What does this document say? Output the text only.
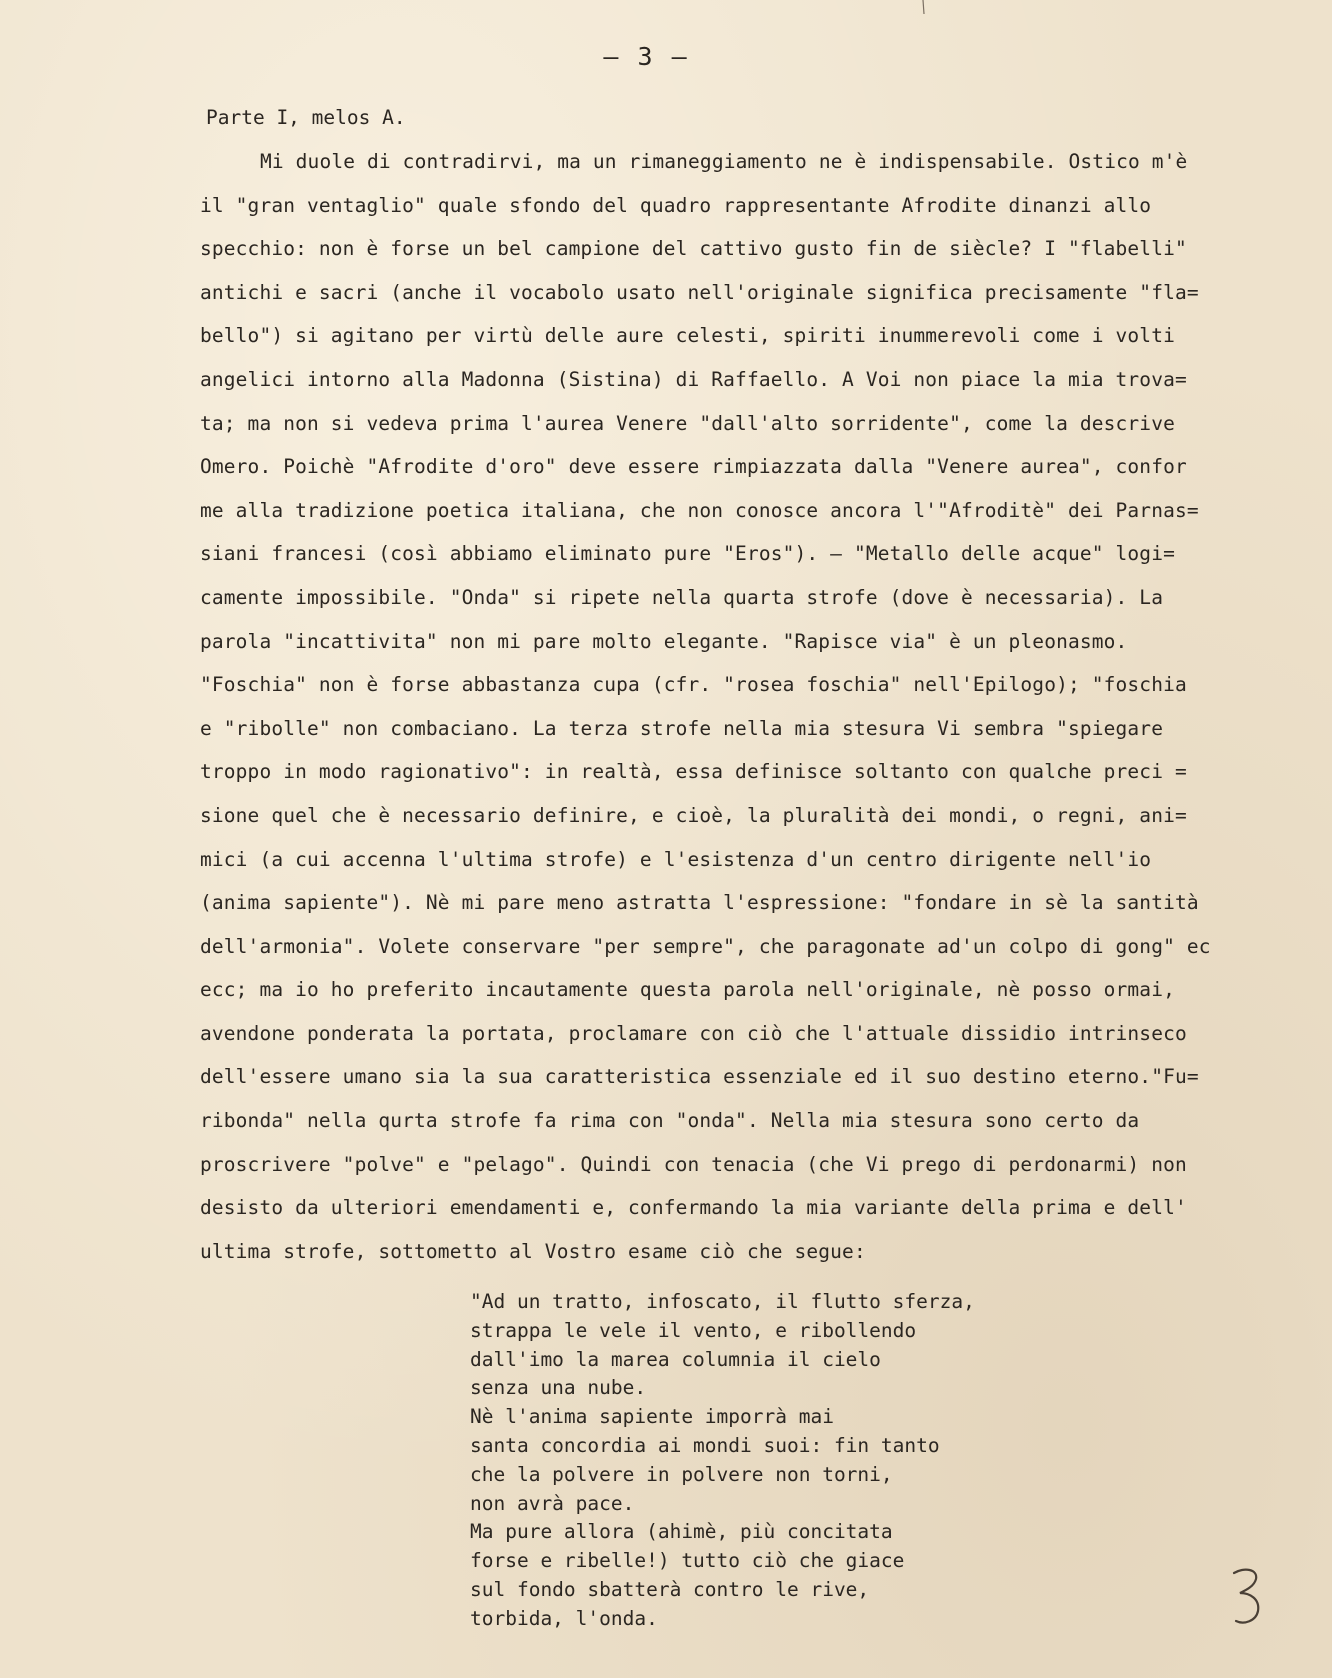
– 3 –
Parte I, melos A.
Mi duole di contradirvi, ma un rimaneggiamento ne è indispensabile. Ostico m'è
il "gran ventaglio" quale sfondo del quadro rappresentante Afrodite dinanzi allo
specchio: non è forse un bel campione del cattivo gusto fin de siècle? I "flabelli"
antichi e sacri (anche il vocabolo usato nell'originale significa precisamente "fla=
bello") si agitano per virtù delle aure celesti, spiriti inummerevoli come i volti
angelici intorno alla Madonna (Sistina) di Raffaello. A Voi non piace la mia trova=
ta; ma non si vedeva prima l'aurea Venere "dall'alto sorridente", come la descrive
Omero. Poichè "Afrodite d'oro" deve essere rimpiazzata dalla "Venere aurea", confor
me alla tradizione poetica italiana, che non conosce ancora l'"Afroditè" dei Parnas=
siani francesi (così abbiamo eliminato pure "Eros"). – "Metallo delle acque" logi=
camente impossibile. "Onda" si ripete nella quarta strofe (dove è necessaria). La
parola "incattivita" non mi pare molto elegante. "Rapisce via" è un pleonasmo.
"Foschia" non è forse abbastanza cupa (cfr. "rosea foschia" nell'Epilogo); "foschia
e "ribolle" non combaciano. La terza strofe nella mia stesura Vi sembra "spiegare
troppo in modo ragionativo": in realtà, essa definisce soltanto con qualche preci =
sione quel che è necessario definire, e cioè, la pluralità dei mondi, o regni, ani=
mici (a cui accenna l'ultima strofe) e l'esistenza d'un centro dirigente nell'io
(anima sapiente"). Nè mi pare meno astratta l'espressione: "fondare in sè la santità
dell'armonia". Volete conservare "per sempre", che paragonate ad'un colpo di gong" ec
ecc; ma io ho preferito incautamente questa parola nell'originale, nè posso ormai,
avendone ponderata la portata, proclamare con ciò che l'attuale dissidio intrinseco
dell'essere umano sia la sua caratteristica essenziale ed il suo destino eterno."Fu=
ribonda" nella qurta strofe fa rima con "onda". Nella mia stesura sono certo da
proscrivere "polve" e "pelago". Quindi con tenacia (che Vi prego di perdonarmi) non
desisto da ulteriori emendamenti e, confermando la mia variante della prima e dell'
ultima strofe, sottometto al Vostro esame ciò che segue:
"Ad un tratto, infoscato, il flutto sferza,
strappa le vele il vento, e ribollendo
dall'imo la marea columnia il cielo
senza una nube.
Nè l'anima sapiente imporrà mai
santa concordia ai mondi suoi: fin tanto
che la polvere in polvere non torni,
non avrà pace.
Ma pure allora (ahimè, più concitata
forse e ribelle!) tutto ciò che giace
sul fondo sbatterà contro le rive,
torbida, l'onda.
